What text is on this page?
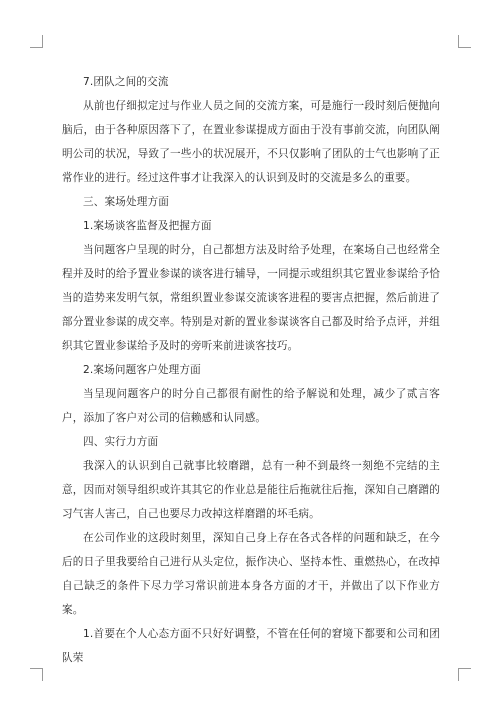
7.团队之间的交流

从前也仔细拟定过与作业人员之间的交流方案，可是施行一段时刻后便抛向脑后，由于各种原因落下了，在置业参谋提成方面由于没有事前交流，向团队阐明公司的状况，导致了一些小的状况展开，不只仅影响了团队的士气也影响了正常作业的进行。经过这件事才让我深入的认识到及时的交流是多么的重要。

三、案场处理方面

1.案场谈客监督及把握方面

当问题客户呈现的时分，自己都想方法及时给予处理，在案场自己也经常全程并及时的给予置业参谋的谈客进行辅导，一同提示或组织其它置业参谋给予恰当的造势来发明气氛，常组织置业参谋交流谈客进程的要害点把握，然后前进了部分置业参谋的成交率。特别是对新的置业参谋谈客自己都及时给予点评，并组织其它置业参谋给予及时的旁听来前进谈客技巧。

2.案场问题客户处理方面

当呈现问题客户的时分自己都很有耐性的给予解说和处理，减少了贰言客户，添加了客户对公司的信赖感和认同感。

四、实行力方面

我深入的认识到自己就事比较磨蹭，总有一种不到最终一刻绝不完结的主意，因而对领导组织或许其其它的作业总是能往后拖就往后拖，深知自己磨蹭的习气害人害己，自己也要尽力改掉这样磨蹭的坏毛病。

在公司作业的这段时刻里，深知自己身上存在各式各样的问题和缺乏，在今后的日子里我要给自己进行从头定位，振作决心、坚持本性、重燃热心，在改掉自己缺乏的条件下尽力学习常识前进本身各方面的才干，并做出了以下作业方案。

1.首要在个人心态方面不只好好调整，不管在任何的窘境下都要和公司和团队荣
